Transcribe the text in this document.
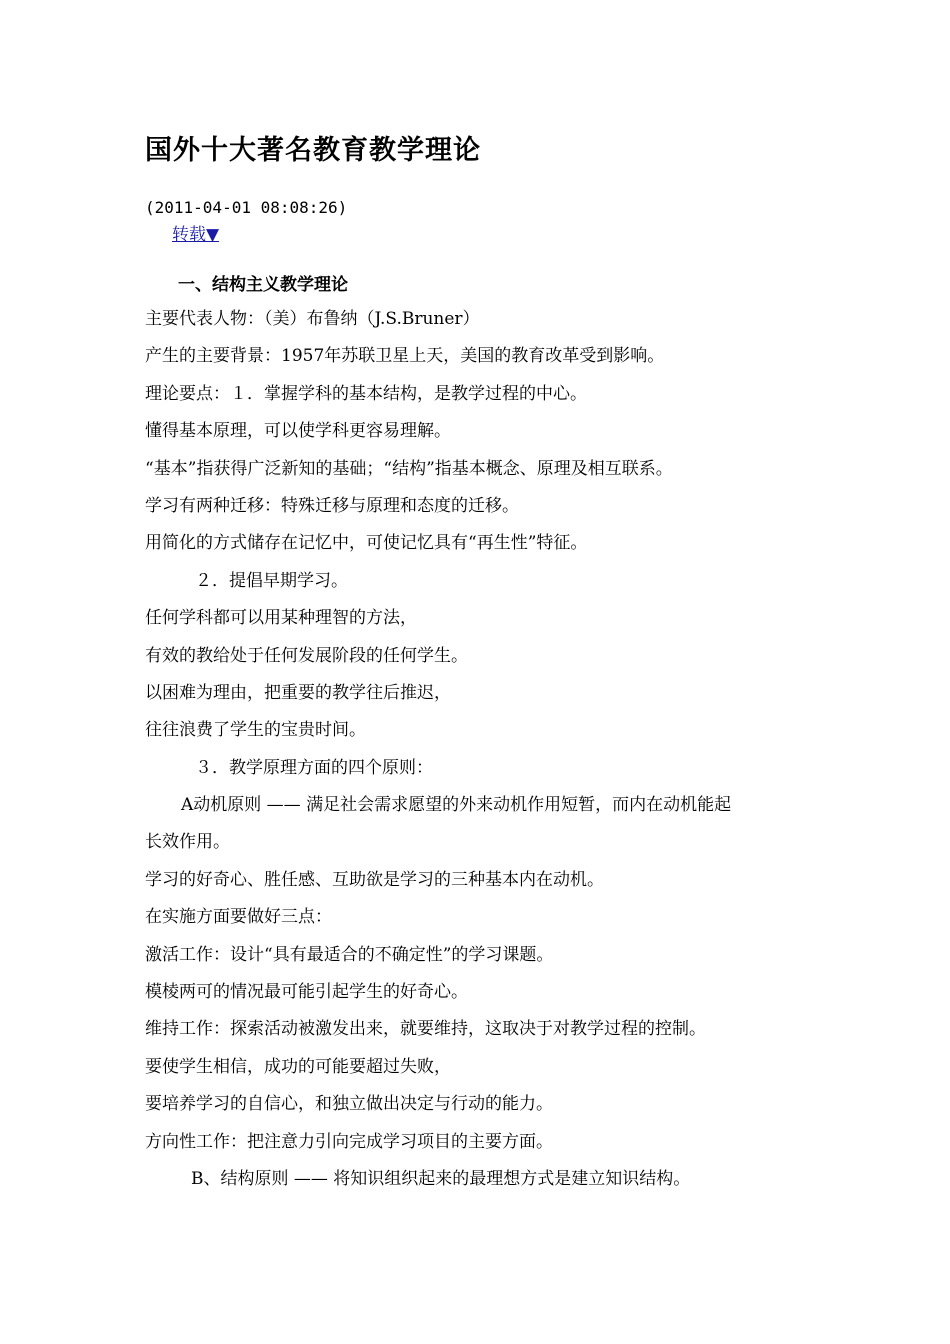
国外十大著名教育教学理论
(2011-04-01 08:08:26)
转载▼
一、结构主义教学理论
主要代表人物：（美）布鲁纳（J.S.Bruner）
产生的主要背景：1957年苏联卫星上天，美国的教育改革受到影响。
理论要点：１．掌握学科的基本结构，是教学过程的中心。
懂得基本原理，可以使学科更容易理解。
“基本”指获得广泛新知的基础；“结构”指基本概念、原理及相互联系。
学习有两种迁移：特殊迁移与原理和态度的迁移。
用简化的方式储存在记忆中，可使记忆具有“再生性”特征。
２．提倡早期学习。
任何学科都可以用某种理智的方法，
有效的教给处于任何发展阶段的任何学生。
以困难为理由，把重要的教学往后推迟，
往往浪费了学生的宝贵时间。
３．教学原理方面的四个原则：
A动机原则 —— 满足社会需求愿望的外来动机作用短暂，而内在动机能起
长效作用。
学习的好奇心、胜任感、互助欲是学习的三种基本内在动机。
在实施方面要做好三点：
激活工作：设计“具有最适合的不确定性”的学习课题。
模棱两可的情况最可能引起学生的好奇心。
维持工作：探索活动被激发出来，就要维持，这取决于对教学过程的控制。
要使学生相信，成功的可能要超过失败，
要培养学习的自信心，和独立做出决定与行动的能力。
方向性工作：把注意力引向完成学习项目的主要方面。
B、结构原则 —— 将知识组织起来的最理想方式是建立知识结构。
